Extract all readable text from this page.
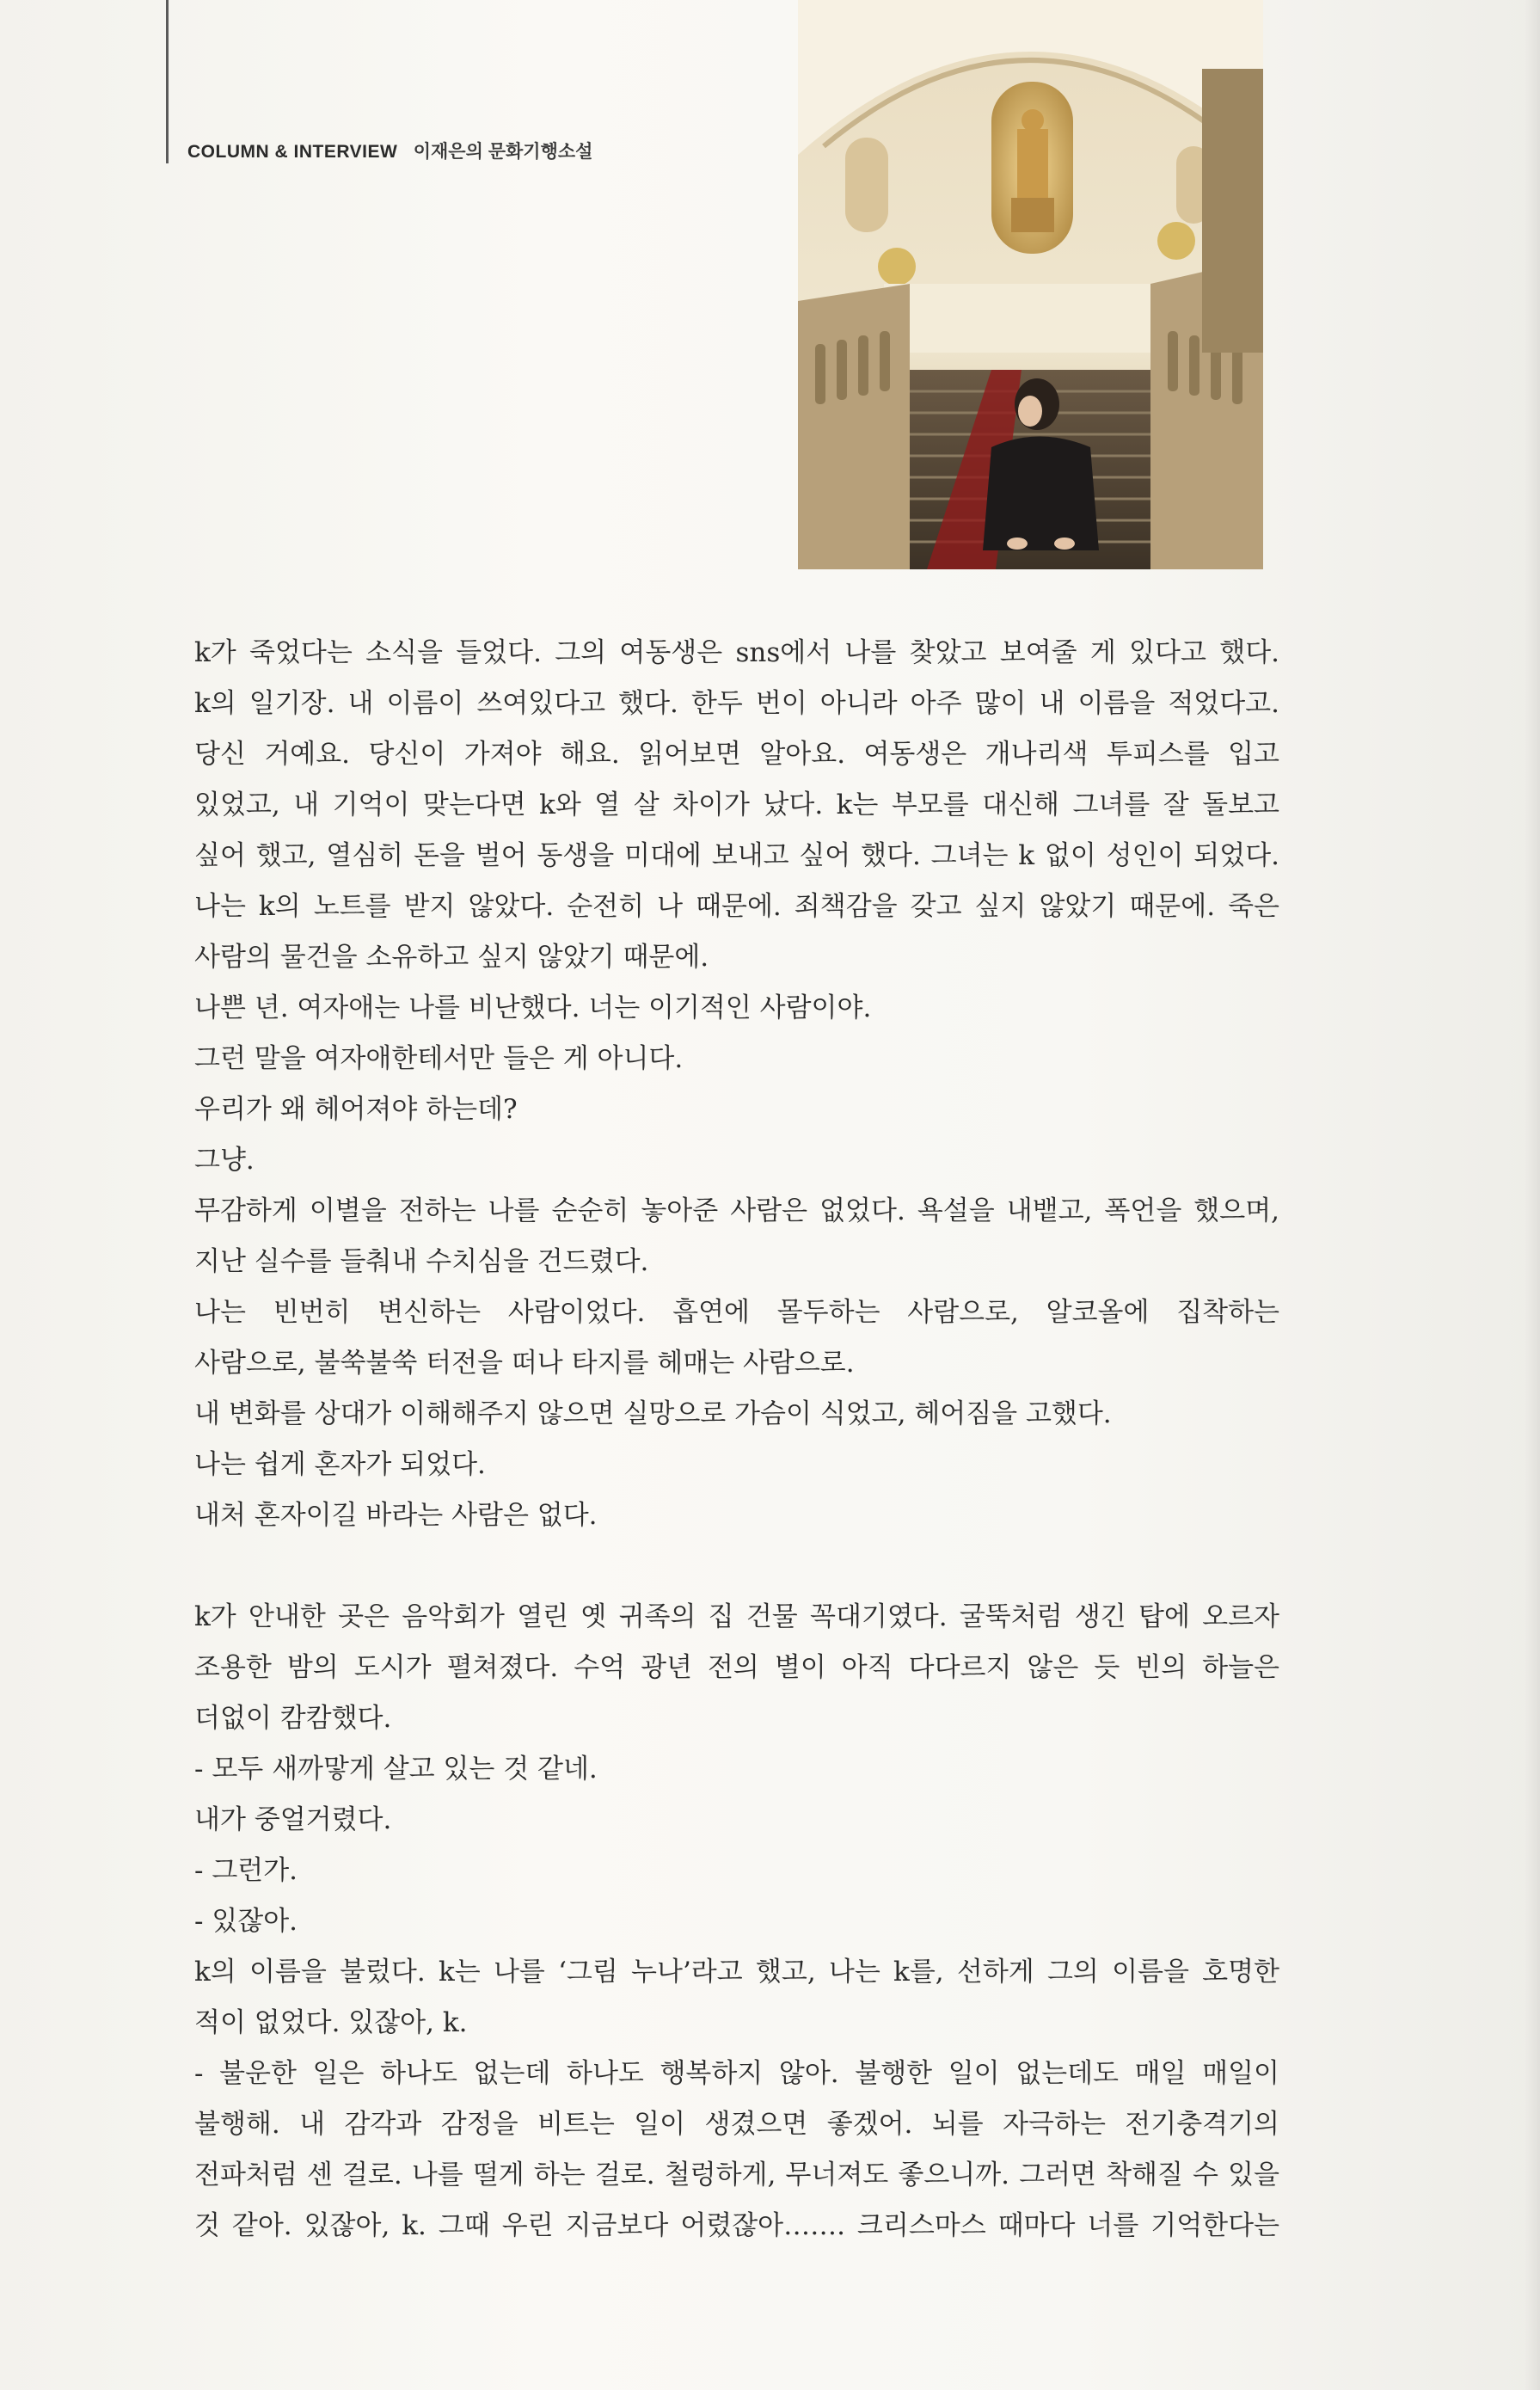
COLUMN & INTERVIEW 이재은의 문화기행소설
k가 죽었다는 소식을 들었다. 그의 여동생은 sns에서 나를 찾았고 보여줄 게 있다고 했다.
k의 일기장. 내 이름이 쓰여있다고 했다. 한두 번이 아니라 아주 많이 내 이름을 적었다고.
당신 거예요. 당신이 가져야 해요. 읽어보면 알아요. 여동생은 개나리색 투피스를 입고
있었고, 내 기억이 맞는다면 k와 열 살 차이가 났다. k는 부모를 대신해 그녀를 잘 돌보고
싶어 했고, 열심히 돈을 벌어 동생을 미대에 보내고 싶어 했다. 그녀는 k 없이 성인이 되었다.
나는 k의 노트를 받지 않았다. 순전히 나 때문에. 죄책감을 갖고 싶지 않았기 때문에. 죽은
사람의 물건을 소유하고 싶지 않았기 때문에.
나쁜 년. 여자애는 나를 비난했다. 너는 이기적인 사람이야.
그런 말을 여자애한테서만 들은 게 아니다.
우리가 왜 헤어져야 하는데?
그냥.
무감하게 이별을 전하는 나를 순순히 놓아준 사람은 없었다. 욕설을 내뱉고, 폭언을 했으며,
지난 실수를 들춰내 수치심을 건드렸다.
나는 빈번히 변신하는 사람이었다. 흡연에 몰두하는 사람으로, 알코올에 집착하는
사람으로, 불쑥불쑥 터전을 떠나 타지를 헤매는 사람으로.
내 변화를 상대가 이해해주지 않으면 실망으로 가슴이 식었고, 헤어짐을 고했다.
나는 쉽게 혼자가 되었다.
내처 혼자이길 바라는 사람은 없다.
k가 안내한 곳은 음악회가 열린 옛 귀족의 집 건물 꼭대기였다. 굴뚝처럼 생긴 탑에 오르자
조용한 밤의 도시가 펼쳐졌다. 수억 광년 전의 별이 아직 다다르지 않은 듯 빈의 하늘은
더없이 캄캄했다.
- 모두 새까맣게 살고 있는 것 같네.
내가 중얼거렸다.
- 그런가.
- 있잖아.
k의 이름을 불렀다. k는 나를 ‘그림 누나’라고 했고, 나는 k를, 선하게 그의 이름을 호명한
적이 없었다. 있잖아, k.
- 불운한 일은 하나도 없는데 하나도 행복하지 않아. 불행한 일이 없는데도 매일 매일이
불행해. 내 감각과 감정을 비트는 일이 생겼으면 좋겠어. 뇌를 자극하는 전기충격기의
전파처럼 센 걸로. 나를 떨게 하는 걸로. 철렁하게, 무너져도 좋으니까. 그러면 착해질 수 있을
것 같아. 있잖아, k. 그때 우린 지금보다 어렸잖아……. 크리스마스 때마다 너를 기억한다는
